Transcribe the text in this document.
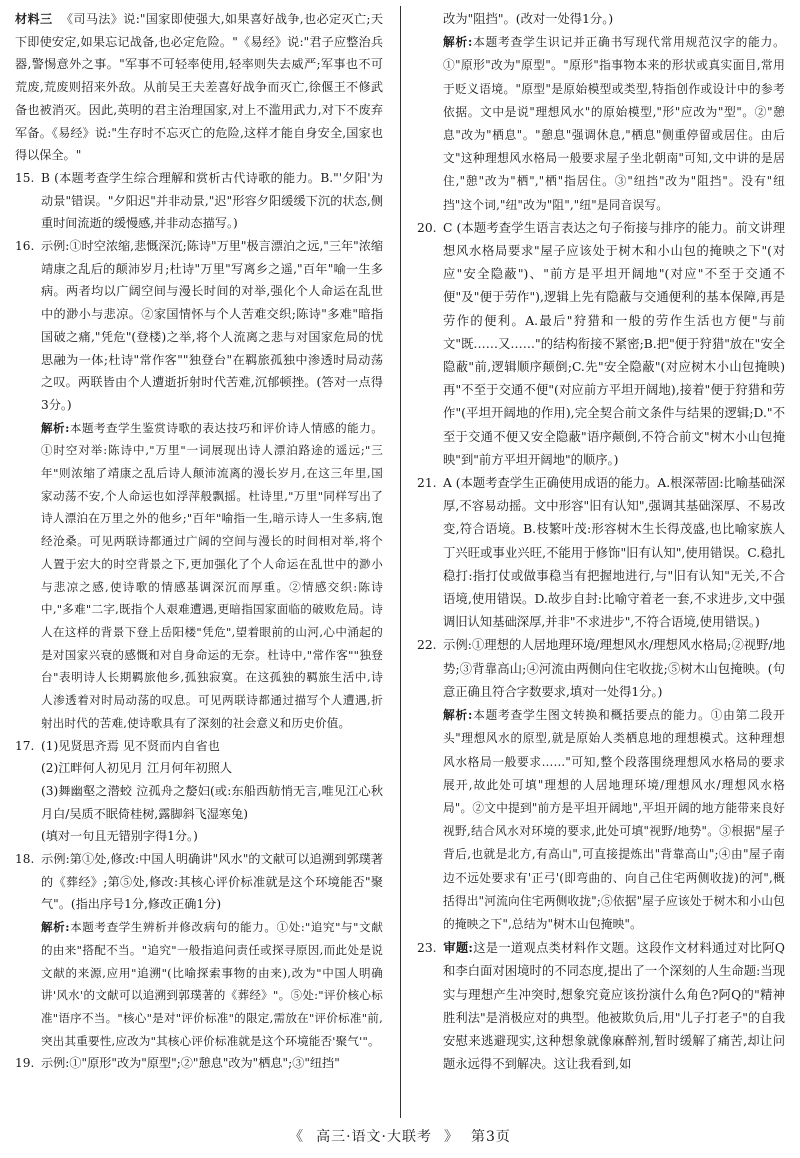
材料三 《司马法》说:"国家即使强大,如果喜好战争,也必定灭亡;天下即使安定,如果忘记战备,也必定危险。"《易经》说:"君子应整治兵器,警惕意外之事。"军事不可轻率使用,轻率则失去威严;军事也不可荒废,荒废则招来外敌。从前吴王夫差喜好战争而灭亡,徐偃王不修武备也被消灭。因此,英明的君主治理国家,对上不滥用武力,对下不废弃军备。《易经》说:"生存时不忘灭亡的危险,这样才能自身安全,国家也得以保全。"

15. B (本题考查学生综合理解和赏析古代诗歌的能力。B."'夕阳'为动景"错误。"夕阳迟"并非动景,"迟"形容夕阳缓缓下沉的状态,侧重时间流逝的缓慢感,并非动态描写。)
16. 示例:①时空浓缩,悲慨深沉;陈诗"万里"极言漂泊之远,"三年"浓缩靖康之乱后的颠沛岁月;杜诗"万里"写离乡之遥,"百年"喻一生多病。两者均以广阔空间与漫长时间的对举,强化个人命运在乱世中的渺小与悲凉。②家国情怀与个人苦难交织;陈诗"多难"暗指国破之痛,"凭危"(登楼)之举,将个人流离之悲与对国家危局的忧思融为一体;杜诗"常作客""独登台"在羁旅孤独中渗透时局动荡之叹。两联皆由个人遭逝折射时代苦难,沉郁顿挫。(答对一点得3分。)
解析:本题考查学生鉴赏诗歌的表达技巧和评价诗人情感的能力。①时空对举:陈诗中,"万里"一词展现出诗人漂泊路途的遥远;"三年"则浓缩了靖康之乱后诗人颠沛流离的漫长岁月,在这三年里,国家动荡不安,个人命运也如浮萍般飘摇。杜诗里,"万里"同样写出了诗人漂泊在万里之外的他乡;"百年"喻指一生,暗示诗人一生多病,饱经沧桑。可见两联诗都通过广阔的空间与漫长的时间相对举,将个人置于宏大的时空背景之下,更加强化了个人命运在乱世中的渺小与悲凉之感,使诗歌的情感基调深沉而厚重。②情感交织:陈诗中,"多难"二字,既指个人艰难遭遇,更暗指国家面临的破败危局。诗人在这样的背景下登上岳阳楼"凭危",望着眼前的山河,心中涌起的是对国家兴衰的感慨和对自身命运的无奈。杜诗中,"常作客""独登台"表明诗人长期羁旅他乡,孤独寂寞。在这孤独的羁旅生活中,诗人渗透着对时局动荡的叹息。可见两联诗都通过描写个人遭遇,折射出时代的苦难,使诗歌具有了深刻的社会意义和历史价值。
17. (1)见贤思齐焉 见不贤而内自省也

(2)江畔何人初见月 江月何年初照人

(3)舞幽壑之潜蛟 泣孤舟之嫠妇(或:东船西舫悄无言,唯见江心秋月白/吴质不眠倚桂树,露脚斜飞湿寒兔)

(填对一句且无错别字得1分。)

18. 示例:第①处,修改:中国人明确讲"风水"的文献可以追溯到郭璞著的《葬经》;第⑤处,修改:其核心评价标准就是这个环境能否"聚气"。(指出序号1分,修改正确1分)
解析:本题考查学生辨析并修改病句的能力。①处:"追究"与"文献的由来"搭配不当。"追究"一般指追问责任或探寻原因,而此处是说文献的来源,应用"追溯"(比喻探索事物的由来),改为"中国人明确讲'风水'的文献可以追溯到郭璞著的《葬经》"。⑤处:"评价核心标准"语序不当。"核心"是对"评价标准"的限定,需放在"评价标准"前,突出其重要性,应改为"其核心评价标准就是这个环境能否'聚气'"。
19. 示例:①"原形"改为"原型";②"憩息"改为"栖息";③"纽挡"
改为"阻挡"。(改对一处得1分。)
解析:本题考查学生识记并正确书写现代常用规范汉字的能力。①"原形"改为"原型"。"原形"指事物本来的形状或真实面目,常用于贬义语境。"原型"是原始模型或类型,特指创作或设计中的参考依据。文中是说"理想风水"的原始模型,"形"应改为"型"。②"憩息"改为"栖息"。"憩息"强调休息,"栖息"侧重停留或居住。由后文"这种理想风水格局一般要求屋子坐北朝南"可知,文中讲的是居住,"憩"改为"栖","栖"指居住。③"纽挡"改为"阻挡"。没有"纽挡"这个词,"纽"改为"阻","纽"是同音误写。
20. C (本题考查学生语言表达之句子衔接与排序的能力。前文讲理想风水格局要求"屋子应该处于树木和小山包的掩映之下"(对应"安全隐蔽")、"前方是平坦开阔地"(对应"不至于交通不便"及"便于劳作"),逻辑上先有隐蔽与交通便利的基本保障,再是劳作的便利。A.最后"狩猎和一般的劳作生活也方便"与前文"既……又……"的结构衔接不紧密;B.把"便于狩猎"放在"安全隐蔽"前,逻辑顺序颠倒;C.先"安全隐蔽"(对应树木小山包掩映)再"不至于交通不便"(对应前方平坦开阔地),接着"便于狩猎和劳作"(平坦开阔地的作用),完全契合前文条件与结果的逻辑;D."不至于交通不便又安全隐蔽"语序颠倒,不符合前文"树木小山包掩映"到"前方平坦开阔地"的顺序。)
21. A (本题考查学生正确使用成语的能力。A.根深蒂固:比喻基础深厚,不容易动摇。文中形容"旧有认知",强调其基础深厚、不易改变,符合语境。B.枝繁叶茂:形容树木生长得茂盛,也比喻家族人丁兴旺或事业兴旺,不能用于修饰"旧有认知",使用错误。C.稳扎稳打:指打仗或做事稳当有把握地进行,与"旧有认知"无关,不合语境,使用错误。D.故步自封:比喻守着老一套,不求进步,文中强调旧认知基础深厚,并非"不求进步",不符合语境,使用错误。)
22. 示例:①理想的人居地理环境/理想风水/理想风水格局;②视野/地势;③背靠高山;④河流由两侧向住宅收拢;⑤树木山包掩映。(句意正确且符合字数要求,填对一处得1分。)
解析:本题考查学生图文转换和概括要点的能力。①由第二段开头"理想风水的原型,就是原始人类栖息地的理想模式。这种理想风水格局一般要求……"可知,整个段落围绕理想风水格局的要求展开,故此处可填"理想的人居地理环境/理想风水/理想风水格局"。②文中提到"前方是平坦开阔地",平坦开阔的地方能带来良好视野,结合风水对环境的要求,此处可填"视野/地势"。③根据"屋子背后,也就是北方,有高山",可直接提炼出"背靠高山";④由"屋子南边不远处要求有'正弓'(即弯曲的、向自己住宅两侧收拢)的河",概括得出"河流向住宅两侧收拢";⑤依据"屋子应该处于树木和小山包的掩映之下",总结为"树木山包掩映"。
23. 审题:这是一道观点类材料作文题。这段作文材料通过对比阿Q和李白面对困境时的不同态度,提出了一个深刻的人生命题:当现实与理想产生冲突时,想象究竟应该扮演什么角色?阿Q的"精神胜利法"是消极应对的典型。他被欺负后,用"儿子打老子"的自我安慰来逃避现实,这种想象就像麻醉剂,暂时缓解了痛苦,却让问题永远得不到解决。这让我看到,如
《 高三·语文·大联考 》 第3页
